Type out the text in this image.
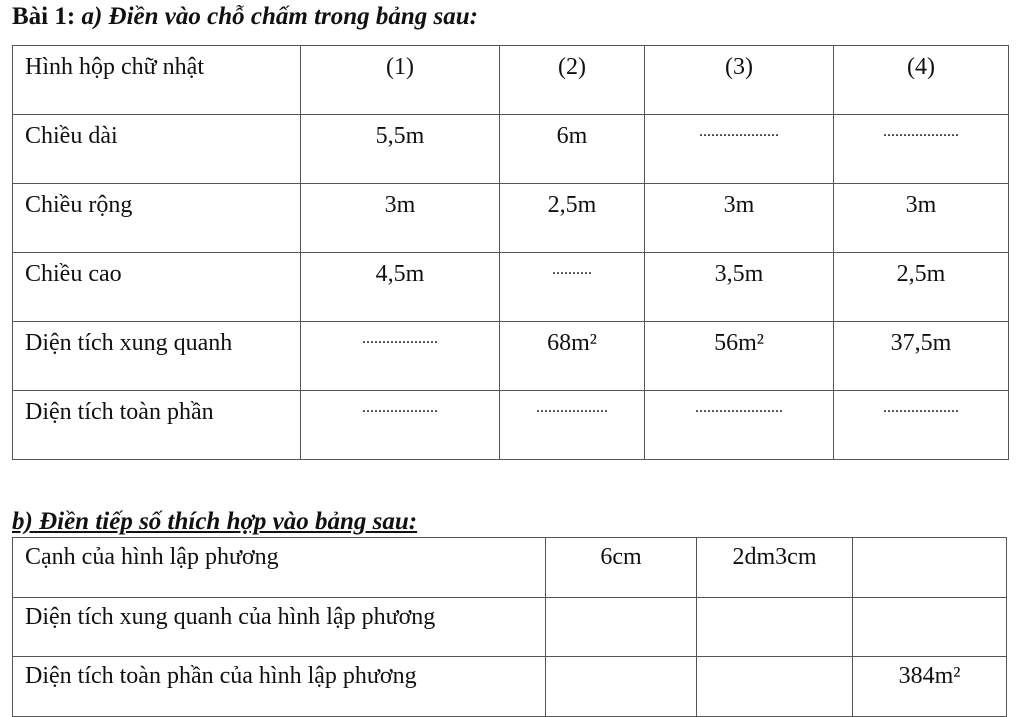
Bài 1: a) Điền vào chỗ chấm trong bảng sau:
Hình hộp chữ nhật	(1)	(2)	(3)	(4)
Chiều dài	5,5m	6m	....................	...................
Chiều rộng	3m	2,5m	3m	3m
Chiều cao	4,5m	..........	3,5m	2,5m
Diện tích xung quanh	...................	68m²	56m²	37,5m
Diện tích toàn phần	...................	..................	......................	...................
b) Điền tiếp số thích hợp vào bảng sau:
Cạnh của hình lập phương	6cm	2dm3cm	
Diện tích xung quanh của hình lập phương			
Diện tích toàn phần của hình lập phương			384m²
